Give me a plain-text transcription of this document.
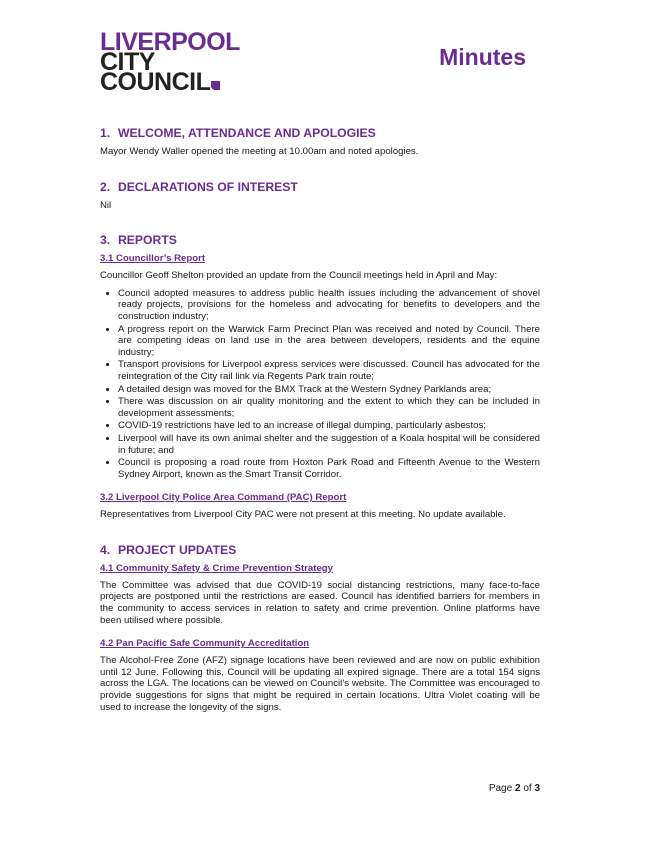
LIVERPOOL
CITY
COUNCIL
Minutes
1. WELCOME, ATTENDANCE AND APOLOGIES

Mayor Wendy Waller opened the meeting at 10.00am and noted apologies.

2. DECLARATIONS OF INTEREST

Nil

3. REPORTS
3.1 Councillor’s Report

Councillor Geoff Shelton provided an update from the Council meetings held in April and May:

• Council adopted measures to address public health issues including the advancement of shovel ready projects, provisions for the homeless and advocating for benefits to developers and the construction industry;
• A progress report on the Warwick Farm Precinct Plan was received and noted by Council. There are competing ideas on land use in the area between developers, residents and the equine industry;
• Transport provisions for Liverpool express services were discussed. Council has advocated for the reintegration of the City rail link via Regents Park train route;
• A detailed design was moved for the BMX Track at the Western Sydney Parklands area;
• There was discussion on air quality monitoring and the extent to which they can be included in development assessments;
• COVID-19 restrictions have led to an increase of illegal dumping, particularly asbestos;
• Liverpool will have its own animal shelter and the suggestion of a Koala hospital will be considered in future; and
• Council is proposing a road route from Hoxton Park Road and Fifteenth Avenue to the Western Sydney Airport, known as the Smart Transit Corridor.
3.2 Liverpool City Police Area Command (PAC) Report

Representatives from Liverpool City PAC were not present at this meeting. No update available.

4. PROJECT UPDATES
4.1 Community Safety & Crime Prevention Strategy

The Committee was advised that due COVID-19 social distancing restrictions, many face-to-face projects are postponed until the restrictions are eased. Council has identified barriers for members in the community to access services in relation to safety and crime prevention. Online platforms have been utilised where possible.

4.2 Pan Pacific Safe Community Accreditation

The Alcohol-Free Zone (AFZ) signage locations have been reviewed and are now on public exhibition until 12 June. Following this, Council will be updating all expired signage. There are a total 154 signs across the LGA. The locations can be viewed on Council’s website. The Committee was encouraged to provide suggestions for signs that might be required in certain locations. Ultra Violet coating will be used to increase the longevity of the signs.

Page 2 of 3
